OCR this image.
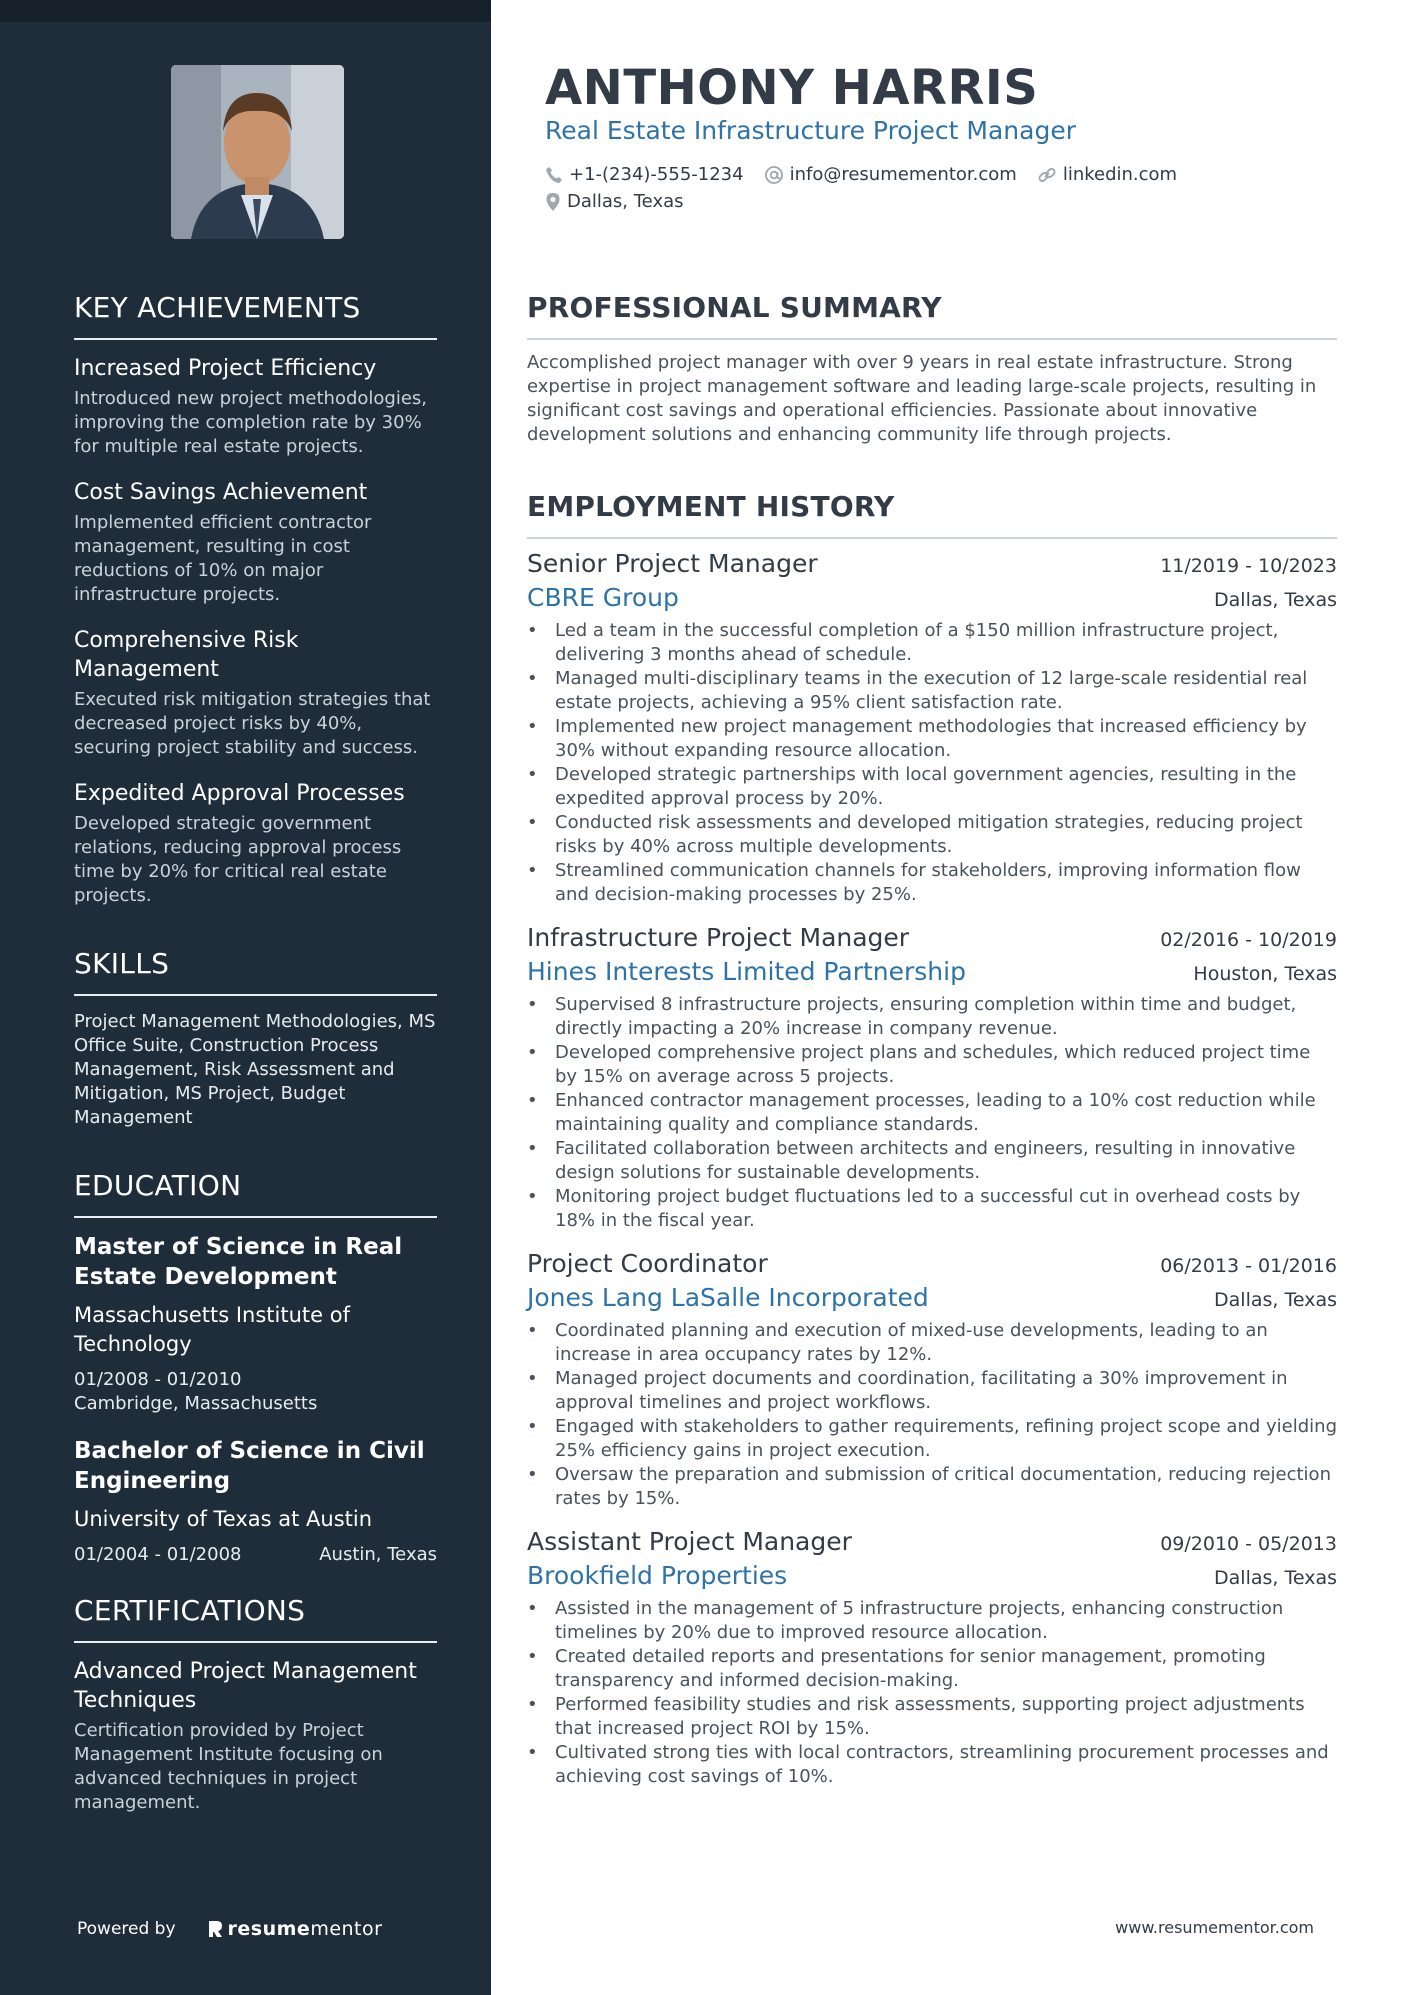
KEY ACHIEVEMENTS
Increased Project Efficiency
Introduced new project methodologies, improving the completion rate by 30% for multiple real estate projects.
Cost Savings Achievement
Implemented efficient contractor management, resulting in cost reductions of 10% on major infrastructure projects.
Comprehensive Risk Management
Executed risk mitigation strategies that decreased project risks by 40%, securing project stability and success.
Expedited Approval Processes
Developed strategic government relations, reducing approval process time by 20% for critical real estate projects.
SKILLS
Project Management Methodologies, MS Office Suite, Construction Process Management, Risk Assessment and Mitigation, MS Project, Budget Management
EDUCATION
Master of Science in Real Estate Development
Massachusetts Institute of Technology
01/2008 - 01/2010
Cambridge, Massachusetts
Bachelor of Science in Civil Engineering
University of Texas at Austin
01/2004 - 01/2008	Austin, Texas
CERTIFICATIONS
Advanced Project Management Techniques
Certification provided by Project Management Institute focusing on advanced techniques in project management.
Powered by	resume mentor
ANTHONY HARRIS
Real Estate Infrastructure Project Manager
+1-(234)-555-1234	info@resumementor.com	linkedin.com
Dallas, Texas
PROFESSIONAL SUMMARY

Accomplished project manager with over 9 years in real estate infrastructure. Strong expertise in project management software and leading large-scale projects, resulting in significant cost savings and operational efficiencies. Passionate about innovative development solutions and enhancing community life through projects.

EMPLOYMENT HISTORY
Senior Project Manager	11/2019 - 10/2023
CBRE Group	Dallas, Texas
• Led a team in the successful completion of a $150 million infrastructure project, delivering 3 months ahead of schedule.
• Managed multi-disciplinary teams in the execution of 12 large-scale residential real estate projects, achieving a 95% client satisfaction rate.
• Implemented new project management methodologies that increased efficiency by 30% without expanding resource allocation.
• Developed strategic partnerships with local government agencies, resulting in the expedited approval process by 20%.
• Conducted risk assessments and developed mitigation strategies, reducing project risks by 40% across multiple developments.
• Streamlined communication channels for stakeholders, improving information flow and decision-making processes by 25%.
Infrastructure Project Manager	02/2016 - 10/2019
Hines Interests Limited Partnership	Houston, Texas
• Supervised 8 infrastructure projects, ensuring completion within time and budget, directly impacting a 20% increase in company revenue.
• Developed comprehensive project plans and schedules, which reduced project time by 15% on average across 5 projects.
• Enhanced contractor management processes, leading to a 10% cost reduction while maintaining quality and compliance standards.
• Facilitated collaboration between architects and engineers, resulting in innovative design solutions for sustainable developments.
• Monitoring project budget fluctuations led to a successful cut in overhead costs by 18% in the fiscal year.
Project Coordinator	06/2013 - 01/2016
Jones Lang LaSalle Incorporated	Dallas, Texas
• Coordinated planning and execution of mixed-use developments, leading to an increase in area occupancy rates by 12%.
• Managed project documents and coordination, facilitating a 30% improvement in approval timelines and project workflows.
• Engaged with stakeholders to gather requirements, refining project scope and yielding 25% efficiency gains in project execution.
• Oversaw the preparation and submission of critical documentation, reducing rejection rates by 15%.
Assistant Project Manager	09/2010 - 05/2013
Brookfield Properties	Dallas, Texas
• Assisted in the management of 5 infrastructure projects, enhancing construction timelines by 20% due to improved resource allocation.
• Created detailed reports and presentations for senior management, promoting transparency and informed decision-making.
• Performed feasibility studies and risk assessments, supporting project adjustments that increased project ROI by 15%.
• Cultivated strong ties with local contractors, streamlining procurement processes and achieving cost savings of 10%.
www.resumementor.com
